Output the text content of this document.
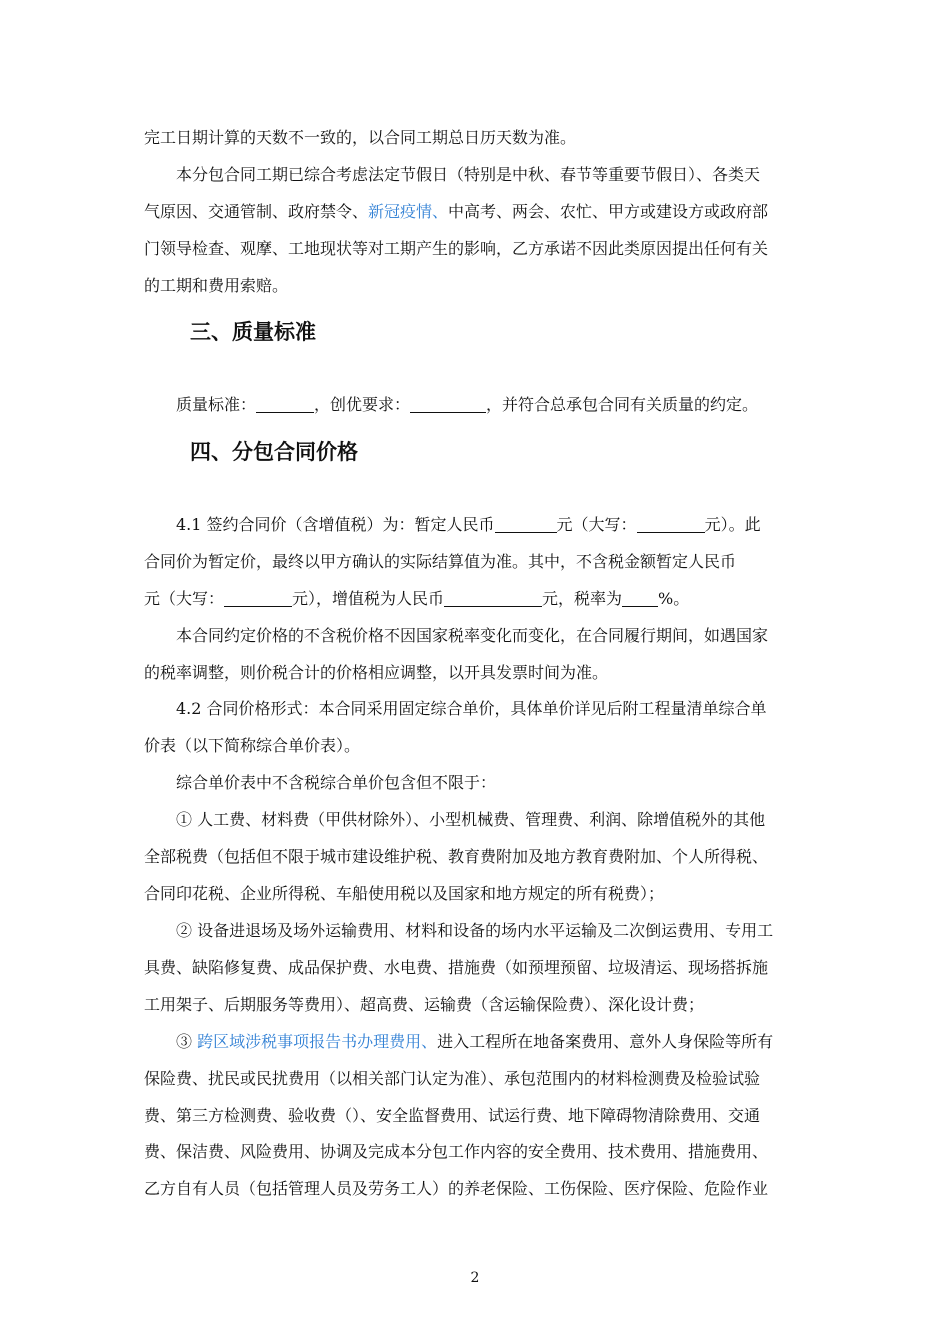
完工日期计算的天数不一致的，以合同工期总日历天数为准。
本分包合同工期已综合考虑法定节假日（特别是中秋、春节等重要节假日）、各类天
气原因、交通管制、政府禁令、新冠疫情、中高考、两会、农忙、甲方或建设方或政府部
门领导检查、观摩、工地现状等对工期产生的影响，乙方承诺不因此类原因提出任何有关
的工期和费用索赔。
三、质量标准
质量标准：	，创优要求：	，并符合总承包合同有关质量的约定。
四、分包合同价格
4.1 签约合同价（含增值税）为：暂定人民币	元（大写：	元）。此
合同价为暂定价，最终以甲方确认的实际结算值为准。其中，不含税金额暂定人民币
元（大写：	元），增值税为人民币	元，税率为 %。
本合同约定价格的不含税价格不因国家税率变化而变化，在合同履行期间，如遇国家
的税率调整，则价税合计的价格相应调整，以开具发票时间为准。
4.2 合同价格形式：本合同采用固定综合单价，具体单价详见后附工程量清单综合单
价表（以下简称综合单价表）。
综合单价表中不含税综合单价包含但不限于：
① 人工费、材料费（甲供材除外）、小型机械费、管理费、利润、除增值税外的其他
全部税费（包括但不限于城市建设维护税、教育费附加及地方教育费附加、个人所得税、
合同印花税、企业所得税、车船使用税以及国家和地方规定的所有税费）；
② 设备进退场及场外运输费用、材料和设备的场内水平运输及二次倒运费用、专用工
具费、缺陷修复费、成品保护费、水电费、措施费（如预埋预留、垃圾清运、现场搭拆施
工用架子、后期服务等费用）、超高费、运输费（含运输保险费）、深化设计费；
③ 跨区域涉税事项报告书办理费用、进入工程所在地备案费用、意外人身保险等所有
保险费、扰民或民扰费用（以相关部门认定为准）、承包范围内的材料检测费及检验试验
费、第三方检测费、验收费（）、安全监督费用、试运行费、地下障碍物清除费用、交通
费、保洁费、风险费用、协调及完成本分包工作内容的安全费用、技术费用、措施费用、
乙方自有人员（包括管理人员及劳务工人）的养老保险、工伤保险、医疗保险、危险作业
2
